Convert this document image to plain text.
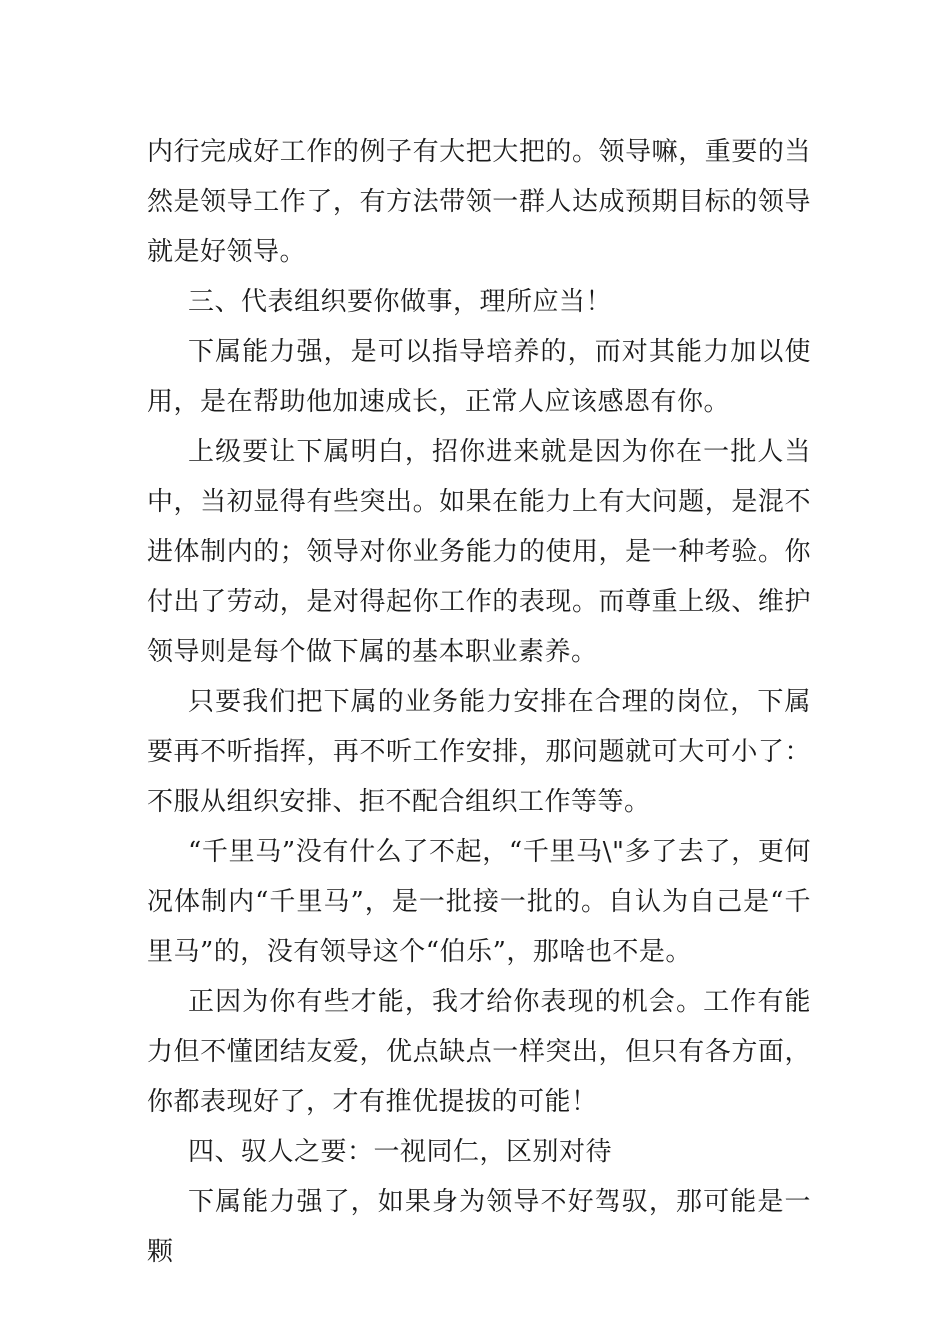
内行完成好工作的例子有大把大把的。领导嘛，重要的当然是领导工作了，有方法带领一群人达成预期目标的领导就是好领导。

三、代表组织要你做事，理所应当！

下属能力强，是可以指导培养的，而对其能力加以使用，是在帮助他加速成长，正常人应该感恩有你。

上级要让下属明白，招你进来就是因为你在一批人当中，当初显得有些突出。如果在能力上有大问题，是混不进体制内的；领导对你业务能力的使用，是一种考验。你付出了劳动，是对得起你工作的表现。而尊重上级、维护领导则是每个做下属的基本职业素养。

只要我们把下属的业务能力安排在合理的岗位，下属要再不听指挥，再不听工作安排，那问题就可大可小了：不服从组织安排、拒不配合组织工作等等。

“千里马”没有什么了不起，“千里马\"多了去了，更何况体制内“千里马”，是一批接一批的。自认为自己是“千里马”的，没有领导这个“伯乐”，那啥也不是。

正因为你有些才能，我才给你表现的机会。工作有能力但不懂团结友爱，优点缺点一样突出，但只有各方面，你都表现好了，才有推优提拔的可能！

四、驭人之要：一视同仁，区别对待

下属能力强了，如果身为领导不好驾驭，那可能是一颗
